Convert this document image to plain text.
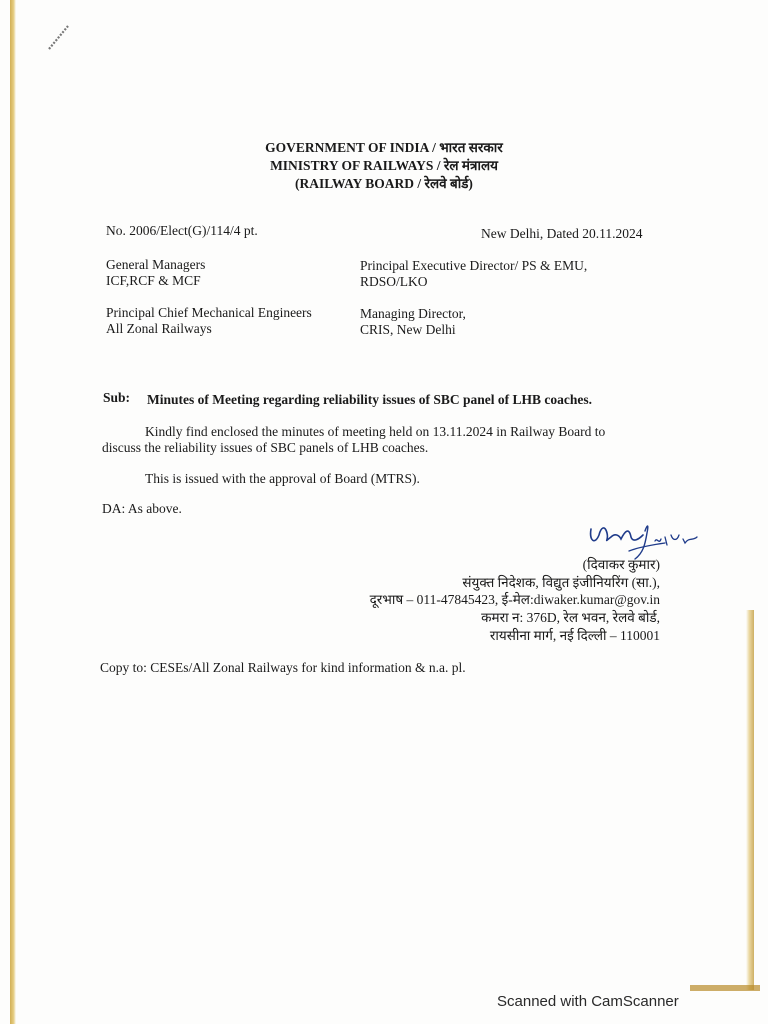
GOVERNMENT OF INDIA / भारत सरकार
MINISTRY OF RAILWAYS / रेल मंत्रालय
(RAILWAY BOARD / रेलवे बोर्ड)
No. 2006/Elect(G)/114/4 pt.	New Delhi, Dated 20.11.2024
General Managers
ICF,RCF & MCF
Principal Chief Mechanical Engineers
All Zonal Railways
Principal Executive Director/ PS & EMU,
RDSO/LKO
Managing Director,
CRIS, New Delhi
Sub: Minutes of Meeting regarding reliability issues of SBC panel of LHB coaches.
Kindly find enclosed the minutes of meeting held on 13.11.2024 in Railway Board to
discuss the reliability issues of SBC panels of LHB coaches.
This is issued with the approval of Board (MTRS).
DA: As above.
(दिवाकर कुमार)
संयुक्त निदेशक, विद्युत इंजीनियरिंग (सा.),
दूरभाष – 011-47845423, ई-मेल:diwaker.kumar@gov.in
कमरा न: 376D, रेल भवन, रेलवे बोर्ड,
रायसीना मार्ग, नई दिल्ली – 110001
Copy to: CESEs/All Zonal Railways for kind information & n.a. pl.
Scanned with CamScanner
